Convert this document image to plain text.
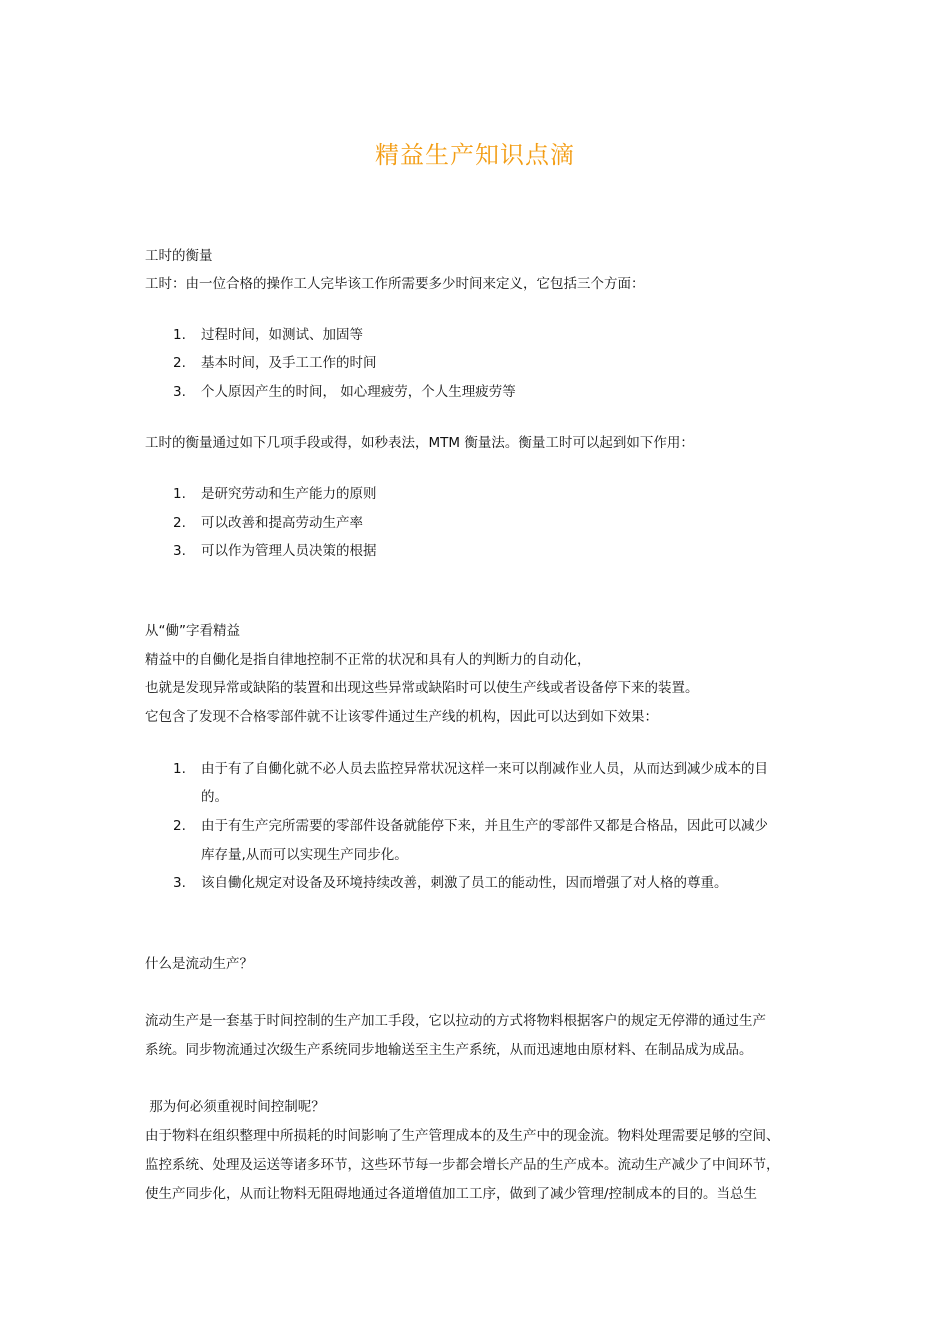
精益生产知识点滴
工时的衡量
工时：由一位合格的操作工人完毕该工作所需要多少时间来定义，它包括三个方面：
1. 过程时间，如测试、加固等
2. 基本时间，及手工工作的时间
3. 个人原因产生的时间， 如心理疲劳，个人生理疲劳等
工时的衡量通过如下几项手段或得，如秒表法，MTM 衡量法。衡量工时可以起到如下作用：
1. 是研究劳动和生产能力的原则
2. 可以改善和提高劳动生产率
3. 可以作为管理人员决策的根据
从“働”字看精益
精益中的自働化是指自律地控制不正常的状况和具有人的判断力的自动化，
也就是发现异常或缺陷的装置和出现这些异常或缺陷时可以使生产线或者设备停下来的装置。
它包含了发现不合格零部件就不让该零件通过生产线的机构，因此可以达到如下效果：
1. 由于有了自働化就不必人员去监控异常状况这样一来可以削减作业人员，从而达到减少成本的目
的。
2. 由于有生产完所需要的零部件设备就能停下来，并且生产的零部件又都是合格品，因此可以减少
库存量,从而可以实现生产同步化。
3. 该自働化规定对设备及环境持续改善，刺激了员工的能动性，因而增强了对人格的尊重。
什么是流动生产？
流动生产是一套基于时间控制的生产加工手段，它以拉动的方式将物料根据客户的规定无停滞的通过生产
系统。同步物流通过次级生产系统同步地输送至主生产系统，从而迅速地由原材料、在制品成为成品。
那为何必须重视时间控制呢？
由于物料在组织整理中所损耗的时间影响了生产管理成本的及生产中的现金流。物料处理需要足够的空间、
监控系统、处理及运送等诸多环节，这些环节每一步都会增长产品的生产成本。流动生产减少了中间环节，
使生产同步化，从而让物料无阻碍地通过各道增值加工工序，做到了减少管理/控制成本的目的。当总生
